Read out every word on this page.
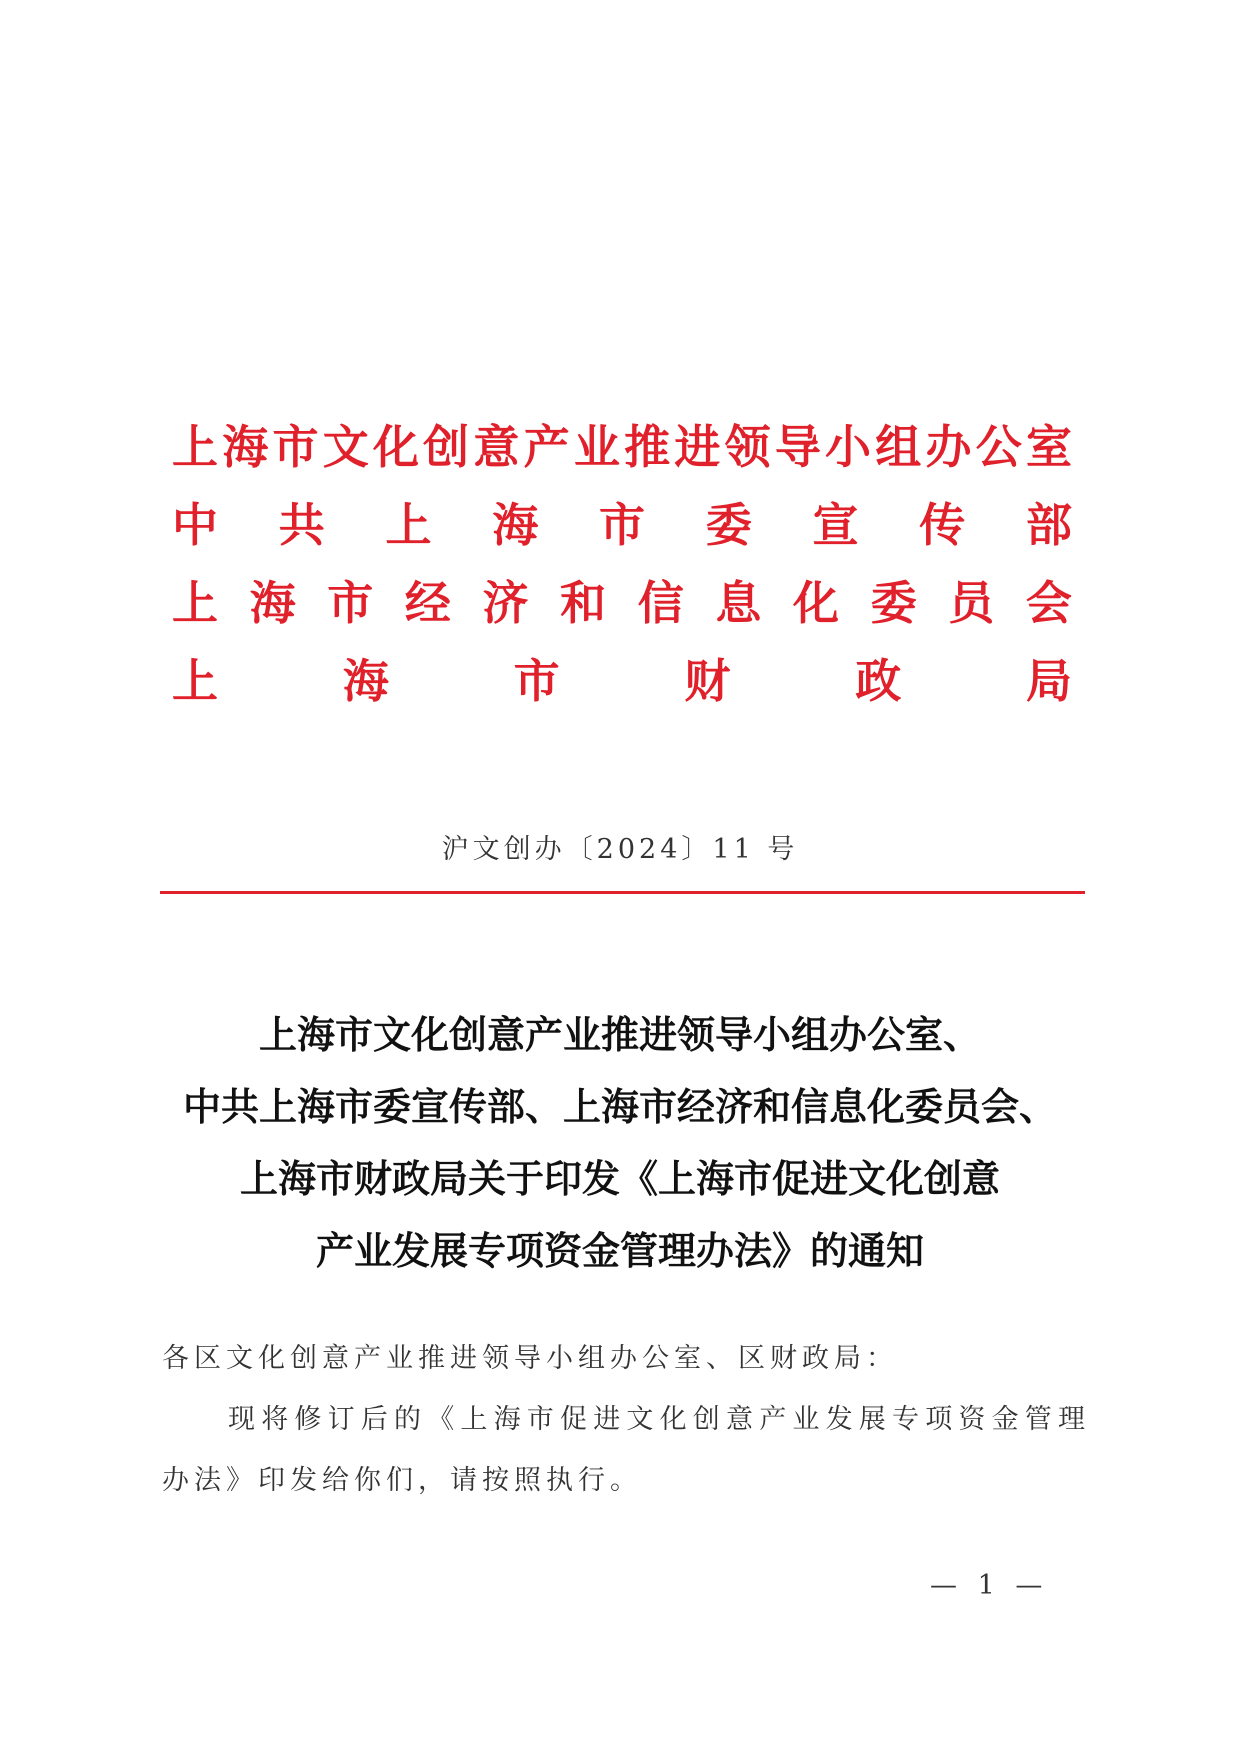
上 海 市 文 化 创 意 产 业 推 进 领 导 小 组 办 公 室
中 共 上 海 市 委 宣 传 部
上 海 市 经 济 和 信 息 化 委 员 会
上	海	市	财	政	局
沪文创办〔2024〕11 号
上海市文化创意产业推进领导小组办公室、
中共上海市委宣传部、上海市经济和信息化委员会、
上海市财政局关于印发《上海市促进文化创意
产业发展专项资金管理办法》的通知
各区文化创意产业推进领导小组办公室、区财政局：
现将修订后的《上海市促进文化创意产业发展专项资金管理
办法》印发给你们，请按照执行。
— 1 —
